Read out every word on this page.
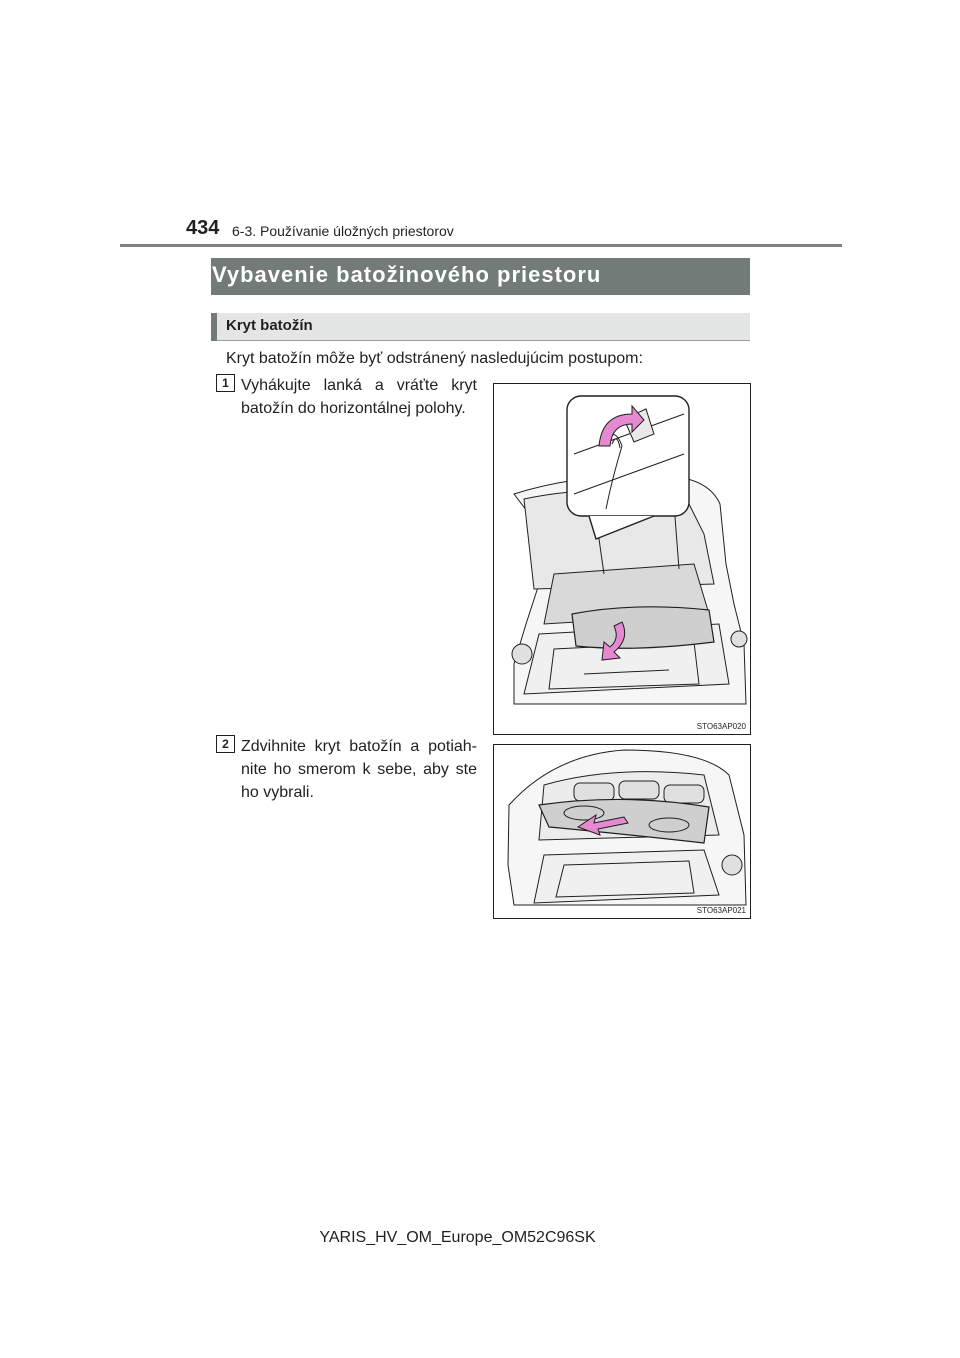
434 6-3. Používanie úložných priestorov
Vybavenie batožinového priestoru
Kryt batožín
Kryt batožín môže byť odstránený nasledujúcim postupom:
1 Vyhákujte lanká a vráťte kryt batožín do horizontálnej polohy.
STO63AP020
2 Zdvihnite kryt batožín a potiah-nite ho smerom k sebe, aby ste ho vybrali.
STO63AP021
YARIS_HV_OM_Europe_OM52C96SK
